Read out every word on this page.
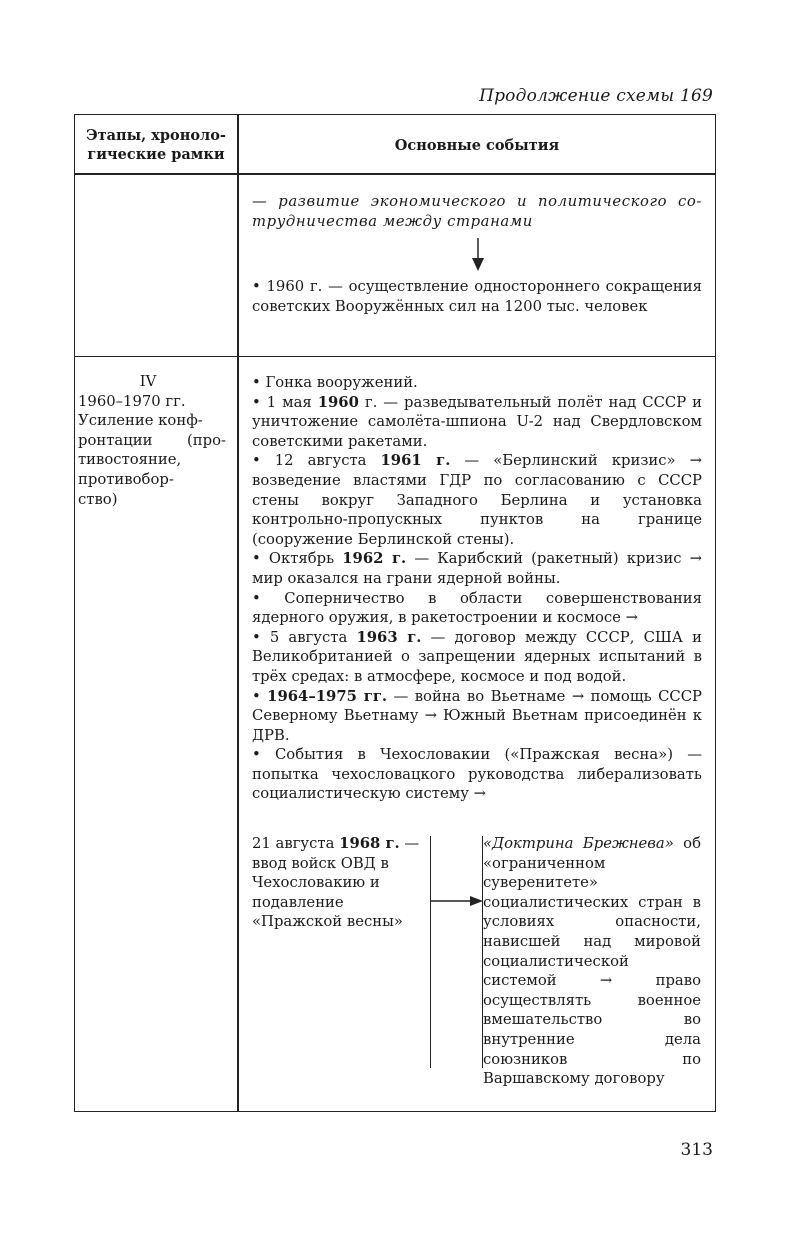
Продолжение схемы 169
Этапы, хроноло-гические рамки
Основные события

— развитие экономического и политического со-

трудничества между странами

• 1960 г. — осуществление одностороннего сокращения советских Вооружённых сил на 1200 тыс. человек

IV
1960–1970 гг.
Усиление конф-
ронтации (про-
тивостояние,
противобор-
ство)

• Гонка вооружений.

• 1 мая 1960 г. — разведывательный полёт над СССР и уничтожение самолёта-шпиона U-2 над Свердловском советскими ракетами.

• 12 августа 1961 г. — «Берлинский кризис» → возведение властями ГДР по согласованию с СССР стены вокруг Западного Берлина и установка контрольно-пропускных пунктов на границе (сооружение Берлинской стены).

• Октябрь 1962 г. — Карибский (ракетный) кризис → мир оказался на грани ядерной войны.

• Соперничество в области совершенствования ядерного оружия, в ракетостроении и космосе →

• 5 августа 1963 г. — договор между СССР, США и Великобританией о запрещении ядерных испытаний в трёх средах: в атмосфере, космосе и под водой.

• 1964–1975 гг. — война во Вьетнаме → помощь СССР Северному Вьетнаму → Южный Вьетнам присоединён к ДРВ.

• События в Чехословакии («Пражская весна») — попытка чехословацкого руководства либерализовать социалистическую систему →

21 августа 1968 г. — ввод войск ОВД в Чехословакию и подавление «Пражской весны»
«Доктрина Брежнева» об «ограниченном суверенитете» социалистических стран в условиях опасности, нависшей над мировой социалистической системой → право осуществлять военное вмешательство во внутренние дела союзников по Варшавскому договору
313
